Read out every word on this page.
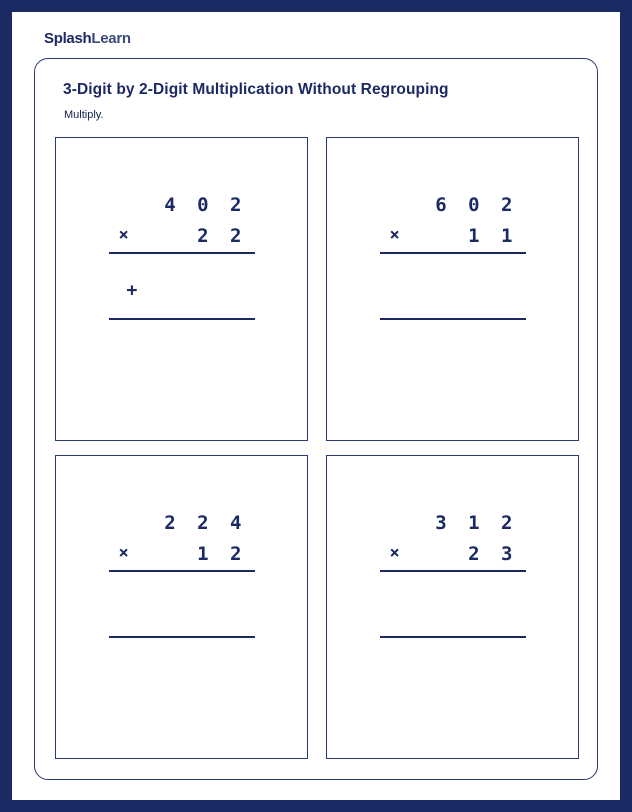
SplashLearn
3-Digit by 2-Digit Multiplication Without Regrouping
Multiply.
4 0 2
×	2 2
+
6 0 2
×	1 1
2 2 4
×	1 2
3 1 2
×	2 3
